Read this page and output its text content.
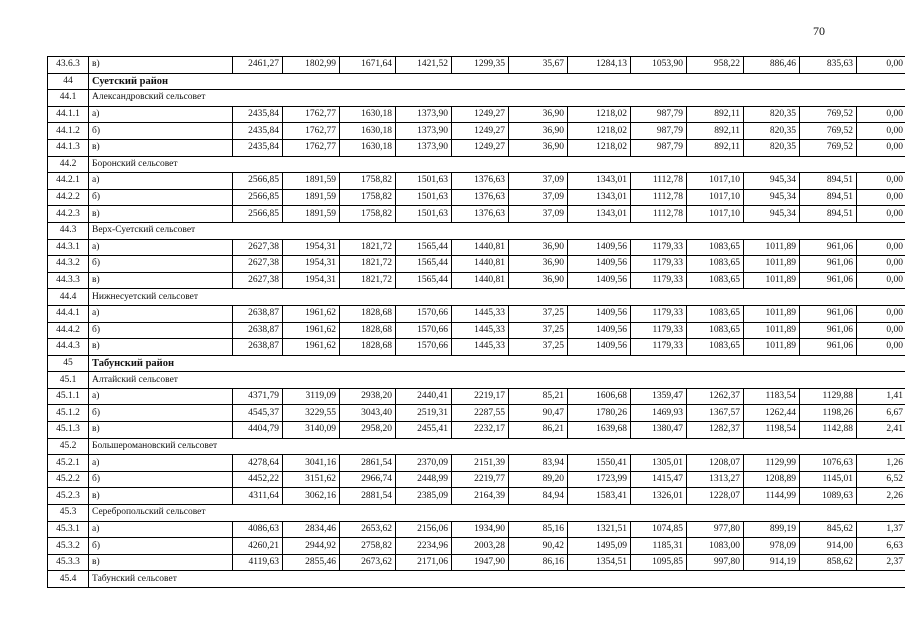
70
43.6.3	в)	2461,27	1802,99	1671,64	1421,52	1299,35	35,67	1284,13	1053,90	958,22	886,46	835,63	0,00
44	Суетский район												
44.1	Александровский сельсовет												
44.1.1	а)	2435,84	1762,77	1630,18	1373,90	1249,27	36,90	1218,02	987,79	892,11	820,35	769,52	0,00
44.1.2	б)	2435,84	1762,77	1630,18	1373,90	1249,27	36,90	1218,02	987,79	892,11	820,35	769,52	0,00
44.1.3	в)	2435,84	1762,77	1630,18	1373,90	1249,27	36,90	1218,02	987,79	892,11	820,35	769,52	0,00
44.2	Боронский сельсовет												
44.2.1	а)	2566,85	1891,59	1758,82	1501,63	1376,63	37,09	1343,01	1112,78	1017,10	945,34	894,51	0,00
44.2.2	б)	2566,85	1891,59	1758,82	1501,63	1376,63	37,09	1343,01	1112,78	1017,10	945,34	894,51	0,00
44.2.3	в)	2566,85	1891,59	1758,82	1501,63	1376,63	37,09	1343,01	1112,78	1017,10	945,34	894,51	0,00
44.3	Верх-Суетский сельсовет												
44.3.1	а)	2627,38	1954,31	1821,72	1565,44	1440,81	36,90	1409,56	1179,33	1083,65	1011,89	961,06	0,00
44.3.2	б)	2627,38	1954,31	1821,72	1565,44	1440,81	36,90	1409,56	1179,33	1083,65	1011,89	961,06	0,00
44.3.3	в)	2627,38	1954,31	1821,72	1565,44	1440,81	36,90	1409,56	1179,33	1083,65	1011,89	961,06	0,00
44.4	Нижнесуетский сельсовет												
44.4.1	а)	2638,87	1961,62	1828,68	1570,66	1445,33	37,25	1409,56	1179,33	1083,65	1011,89	961,06	0,00
44.4.2	б)	2638,87	1961,62	1828,68	1570,66	1445,33	37,25	1409,56	1179,33	1083,65	1011,89	961,06	0,00
44.4.3	в)	2638,87	1961,62	1828,68	1570,66	1445,33	37,25	1409,56	1179,33	1083,65	1011,89	961,06	0,00
45	Табунский район												
45.1	Алтайский сельсовет												
45.1.1	а)	4371,79	3119,09	2938,20	2440,41	2219,17	85,21	1606,68	1359,47	1262,37	1183,54	1129,88	1,41
45.1.2	б)	4545,37	3229,55	3043,40	2519,31	2287,55	90,47	1780,26	1469,93	1367,57	1262,44	1198,26	6,67
45.1.3	в)	4404,79	3140,09	2958,20	2455,41	2232,17	86,21	1639,68	1380,47	1282,37	1198,54	1142,88	2,41
45.2	Большеромановский сельсовет												
45.2.1	а)	4278,64	3041,16	2861,54	2370,09	2151,39	83,94	1550,41	1305,01	1208,07	1129,99	1076,63	1,26
45.2.2	б)	4452,22	3151,62	2966,74	2448,99	2219,77	89,20	1723,99	1415,47	1313,27	1208,89	1145,01	6,52
45.2.3	в)	4311,64	3062,16	2881,54	2385,09	2164,39	84,94	1583,41	1326,01	1228,07	1144,99	1089,63	2,26
45.3	Серебропольский сельсовет												
45.3.1	а)	4086,63	2834,46	2653,62	2156,06	1934,90	85,16	1321,51	1074,85	977,80	899,19	845,62	1,37
45.3.2	б)	4260,21	2944,92	2758,82	2234,96	2003,28	90,42	1495,09	1185,31	1083,00	978,09	914,00	6,63
45.3.3	в)	4119,63	2855,46	2673,62	2171,06	1947,90	86,16	1354,51	1095,85	997,80	914,19	858,62	2,37
45.4	Табунский сельсовет												
